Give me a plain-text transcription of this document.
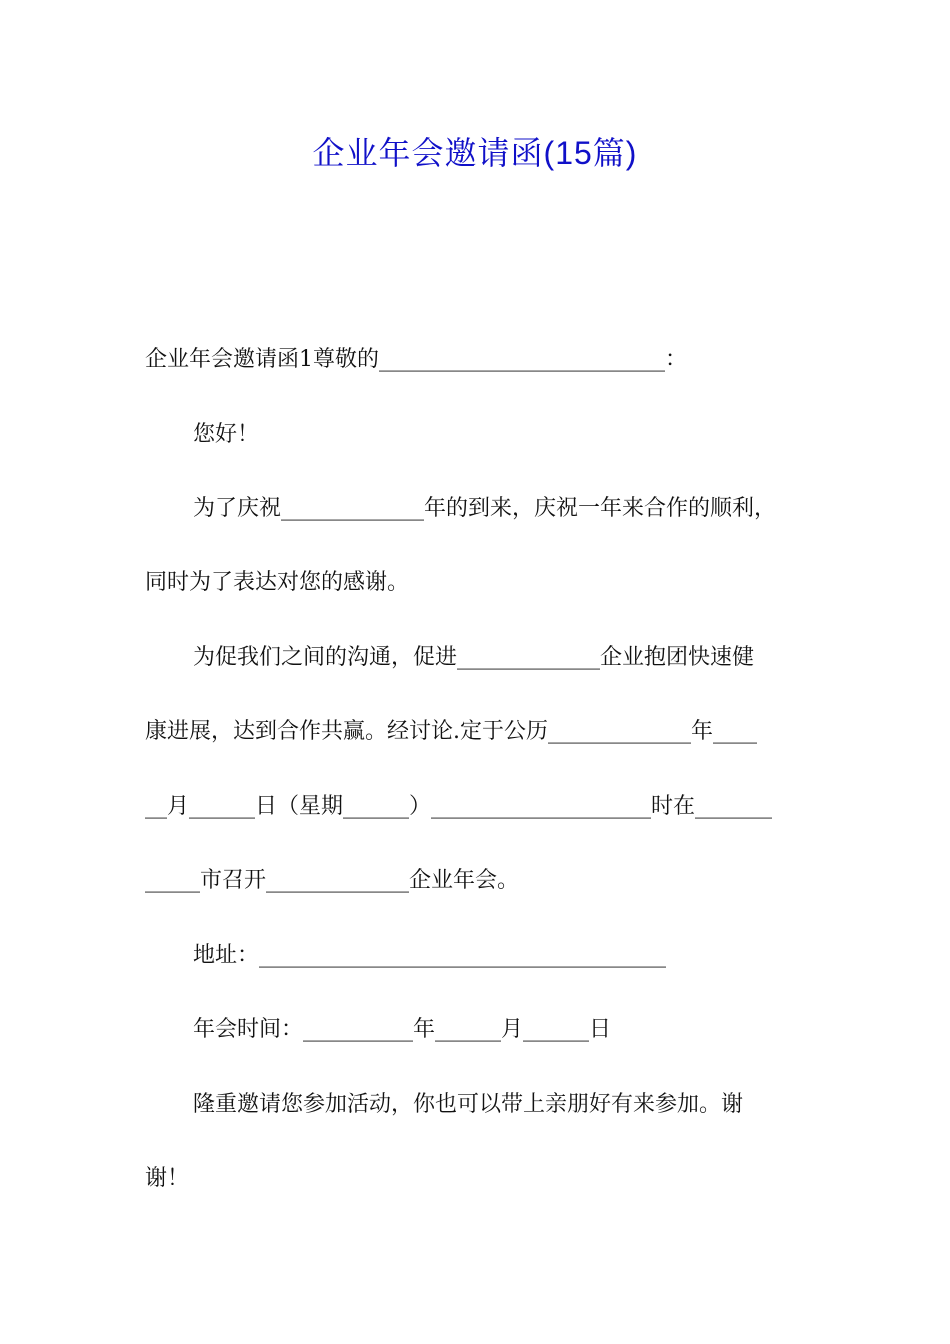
企业年会邀请函(15篇)
企业年会邀请函1尊敬的__________________________：
您好！
为了庆祝_____________年的到来，庆祝一年来合作的顺利，
同时为了表达对您的感谢。
为促我们之间的沟通，促进_____________企业抱团快速健
康进展，达到合作共赢。经讨论.定于公历_____________年____
__月______日（星期______）____________________时在_______
_____市召开_____________企业年会。
地址：_____________________________________
年会时间：__________年______月______日
隆重邀请您参加活动，你也可以带上亲朋好有来参加。谢
谢！
